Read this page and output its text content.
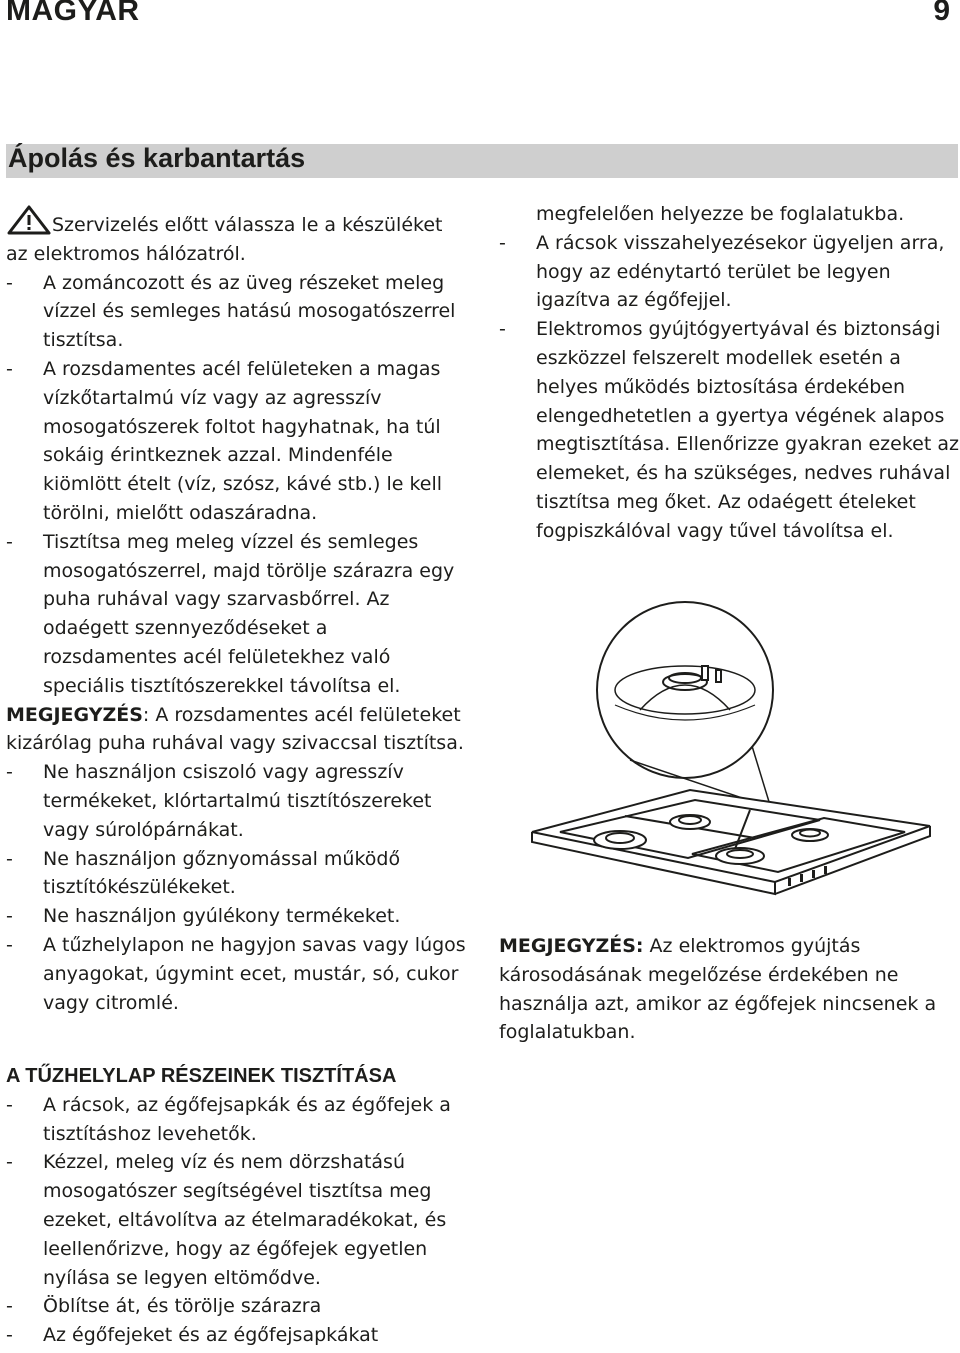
MAGYAR	9
Ápolás és karbantartás

Szervizelés előtt válassza le a készüléket az elektromos hálózatról.

- A zománcozott és az üveg részeket meleg vízzel és semleges hatású mosogatószerrel tisztítsa.

- A rozsdamentes acél felületeken a magas vízkőtartalmú víz vagy az agresszív mosogatószerek foltot hagyhatnak, ha túl sokáig érintkeznek azzal. Mindenféle kiömlött ételt (víz, szósz, kávé stb.) le kell törölni, mielőtt odaszáradna.

- Tisztítsa meg meleg vízzel és semleges mosogatószerrel, majd törölje szárazra egy puha ruhával vagy szarvasbőrrel. Az odaégett szennyeződéseket a rozsdamentes acél felületekhez való speciális tisztítószerekkel távolítsa el.

MEGJEGYZÉS: A rozsdamentes acél felületeket kizárólag puha ruhával vagy szivaccsal tisztítsa.

- Ne használjon csiszoló vagy agresszív termékeket, klórtartalmú tisztítószereket vagy súrolópárnákat.

- Ne használjon gőznyomással működő tisztítókészülékeket.

- Ne használjon gyúlékony termékeket.

- A tűzhelylapon ne hagyjon savas vagy lúgos anyagokat, úgymint ecet, mustár, só, cukor vagy citromlé.

A TŰZHELYLAP RÉSZEINEK TISZTÍTÁSA

- A rácsok, az égőfejsapkák és az égőfejek a tisztításhoz levehetők.

- Kézzel, meleg víz és nem dörzshatású mosogatószer segítségével tisztítsa meg ezeket, eltávolítva az ételmaradékokat, és leellenőrizve, hogy az égőfejek egyetlen nyílása se legyen eltömődve.

- Öblítse át, és törölje szárazra

- Az égőfejeket és az égőfejsapkákat

megfelelően helyezze be foglalatukba.

- A rácsok visszahelyezésekor ügyeljen arra, hogy az edénytartó terület be legyen igazítva az égőfejjel.

- Elektromos gyújtógyertyával és biztonsági eszközzel felszerelt modellek esetén a helyes működés biztosítása érdekében elengedhetetlen a gyertya végének alapos megtisztítása. Ellenőrizze gyakran ezeket az elemeket, és ha szükséges, nedves ruhával tisztítsa meg őket. Az odaégett ételeket fogpiszkálóval vagy tűvel távolítsa el.

MEGJEGYZÉS: Az elektromos gyújtás károsodásának megelőzése érdekében ne használja azt, amikor az égőfejek nincsenek a foglalatukban.
